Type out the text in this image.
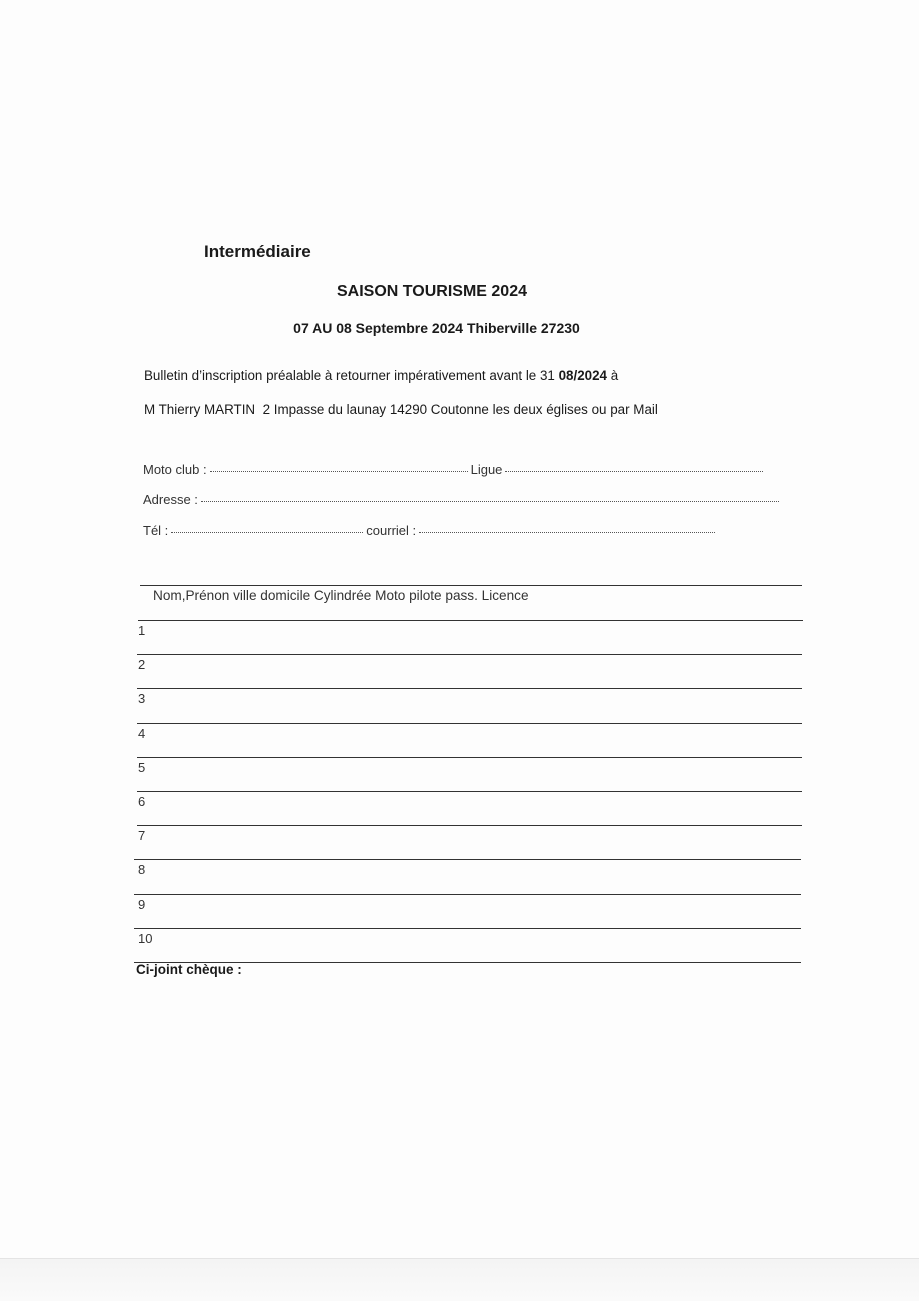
Intermédiaire
SAISON TOURISME 2024
07 AU 08 Septembre 2024 Thiberville 27230
Bulletin d’inscription préalable à retourner impérativement avant le 31 08/2024 à
M Thierry MARTIN 2 Impasse du launay 14290 Coutonne les deux églises ou par Mail
Moto club :	Ligue
Adresse :
Tél :	courriel :
Nom,Prénon ville domicile Cylindrée Moto pilote pass. Licence
1
2
3
4
5
6
7
8
9
10
Ci-joint chèque :
